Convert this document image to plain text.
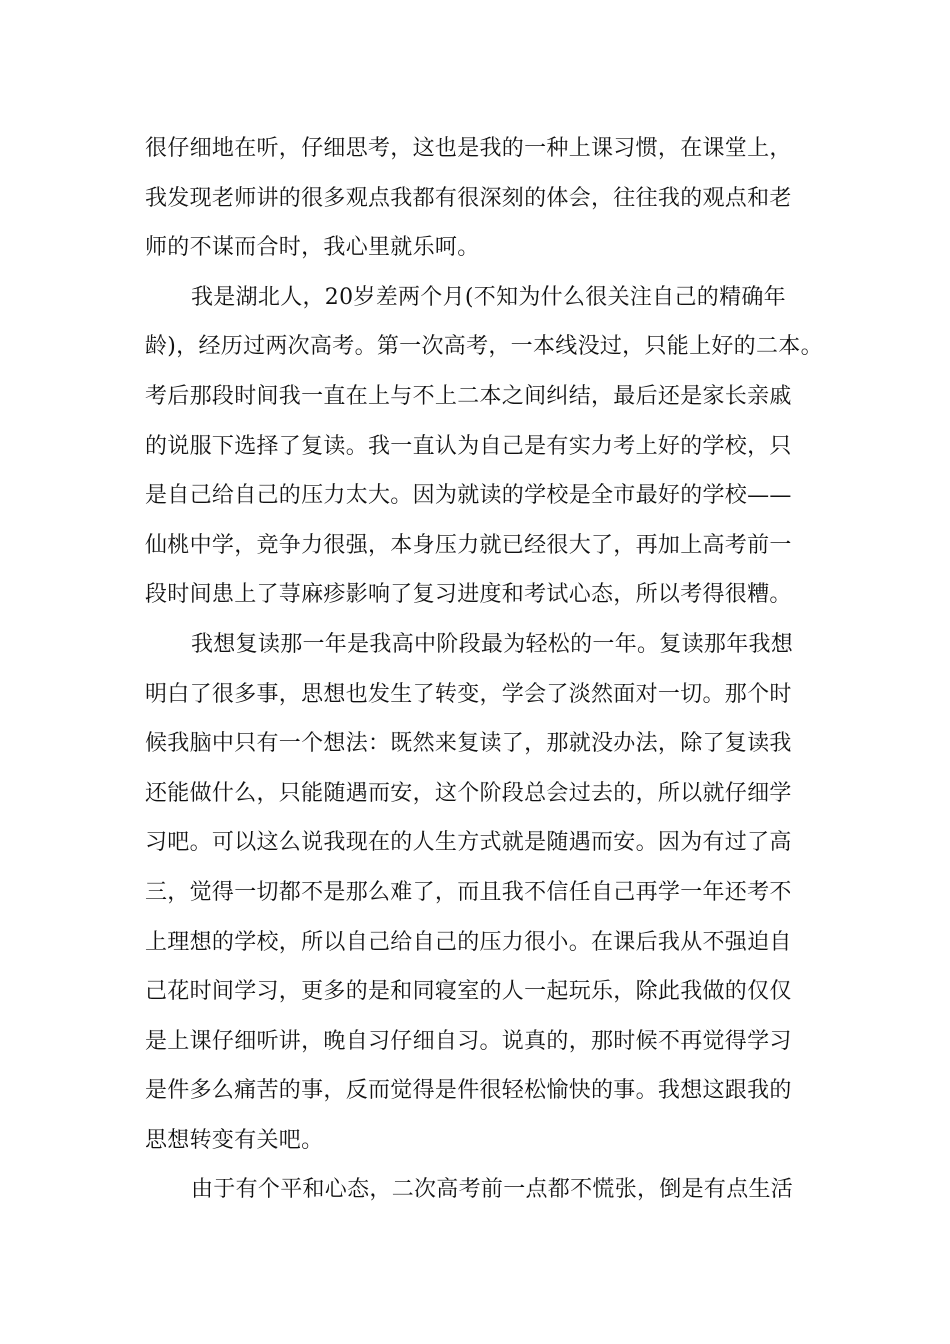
很仔细地在听，仔细思考，这也是我的一种上课习惯，在课堂上，
我发现老师讲的很多观点我都有很深刻的体会，往往我的观点和老
师的不谋而合时，我心里就乐呵。
我是湖北人，20岁差两个月(不知为什么很关注自己的精确年
龄)，经历过两次高考。第一次高考，一本线没过，只能上好的二本。
考后那段时间我一直在上与不上二本之间纠结，最后还是家长亲戚
的说服下选择了复读。我一直认为自己是有实力考上好的学校，只
是自己给自己的压力太大。因为就读的学校是全市最好的学校——
仙桃中学，竞争力很强，本身压力就已经很大了，再加上高考前一
段时间患上了荨麻疹影响了复习进度和考试心态，所以考得很糟。
我想复读那一年是我高中阶段最为轻松的一年。复读那年我想
明白了很多事，思想也发生了转变，学会了淡然面对一切。那个时
候我脑中只有一个想法：既然来复读了，那就没办法，除了复读我
还能做什么，只能随遇而安，这个阶段总会过去的，所以就仔细学
习吧。可以这么说我现在的人生方式就是随遇而安。因为有过了高
三，觉得一切都不是那么难了，而且我不信任自己再学一年还考不
上理想的学校，所以自己给自己的压力很小。在课后我从不强迫自
己花时间学习，更多的是和同寝室的人一起玩乐，除此我做的仅仅
是上课仔细听讲，晚自习仔细自习。说真的，那时候不再觉得学习
是件多么痛苦的事，反而觉得是件很轻松愉快的事。我想这跟我的
思想转变有关吧。
由于有个平和心态，二次高考前一点都不慌张，倒是有点生活
